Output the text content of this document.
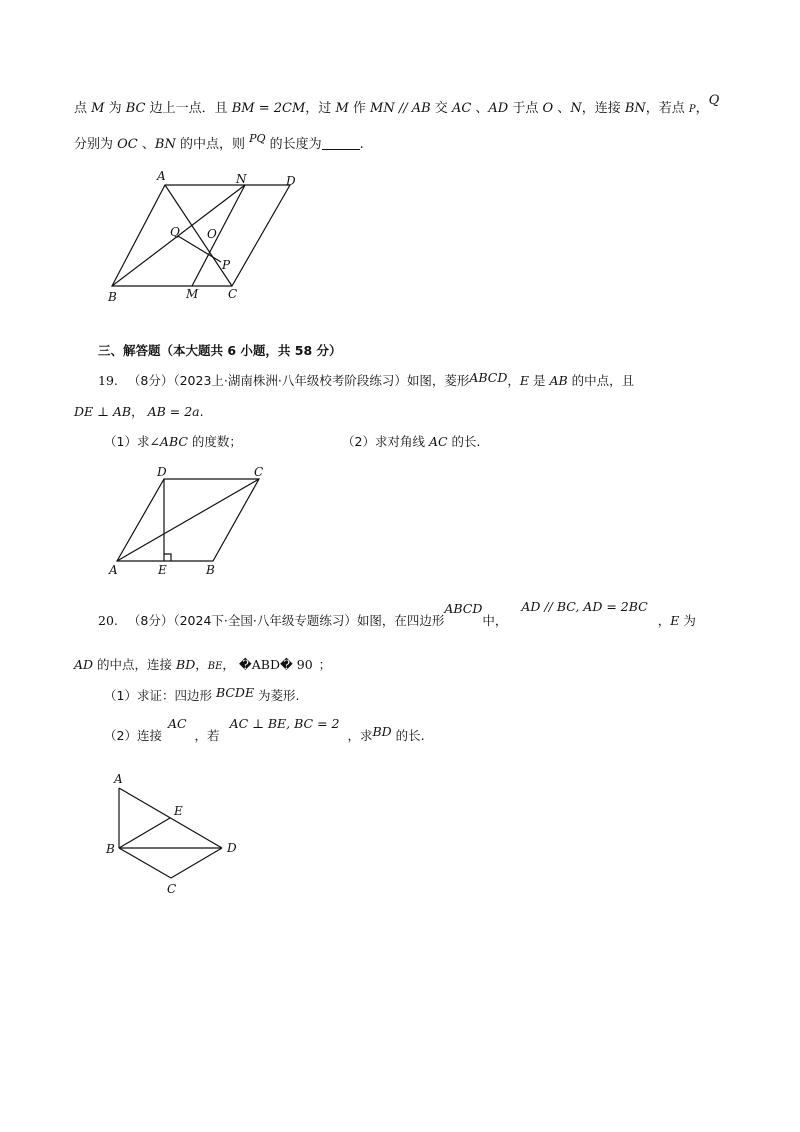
点 M 为 BC 边上一点．且 BM = 2CM，过 M 作 MN // AB 交 AC 、AD 于点 O 、N，连接 BN，若点 P，Q
分别为 OC 、BN 的中点，则 $^{PQ}$ 的长度为	.
A	N	D
Q O
P
B	M C
三、解答题（本大题共 6 小题，共 58 分）
19. （8分）（2023上·湖南株洲·八年级校考阶段练习）如图，菱形ABCD，E 是 AB 的中点，且
DE ⊥ AB， AB = 2a.
（1）求∠ABC 的度数；	（2）求对角线 AC 的长.
D	C
A	E	B
20. （8分）（2024下·全国·八年级专题练习）如图，在四边形ABCD中，AD // BC, AD = 2BC，E 为
AD 的中点，连接 BD，BE， �ABD� 90 ；
（1）求证：四边形 BCDE 为菱形.
（2）连接AC，若AC ⊥ BE, BC = 2，求BD 的长.
A
E
B	D
C
